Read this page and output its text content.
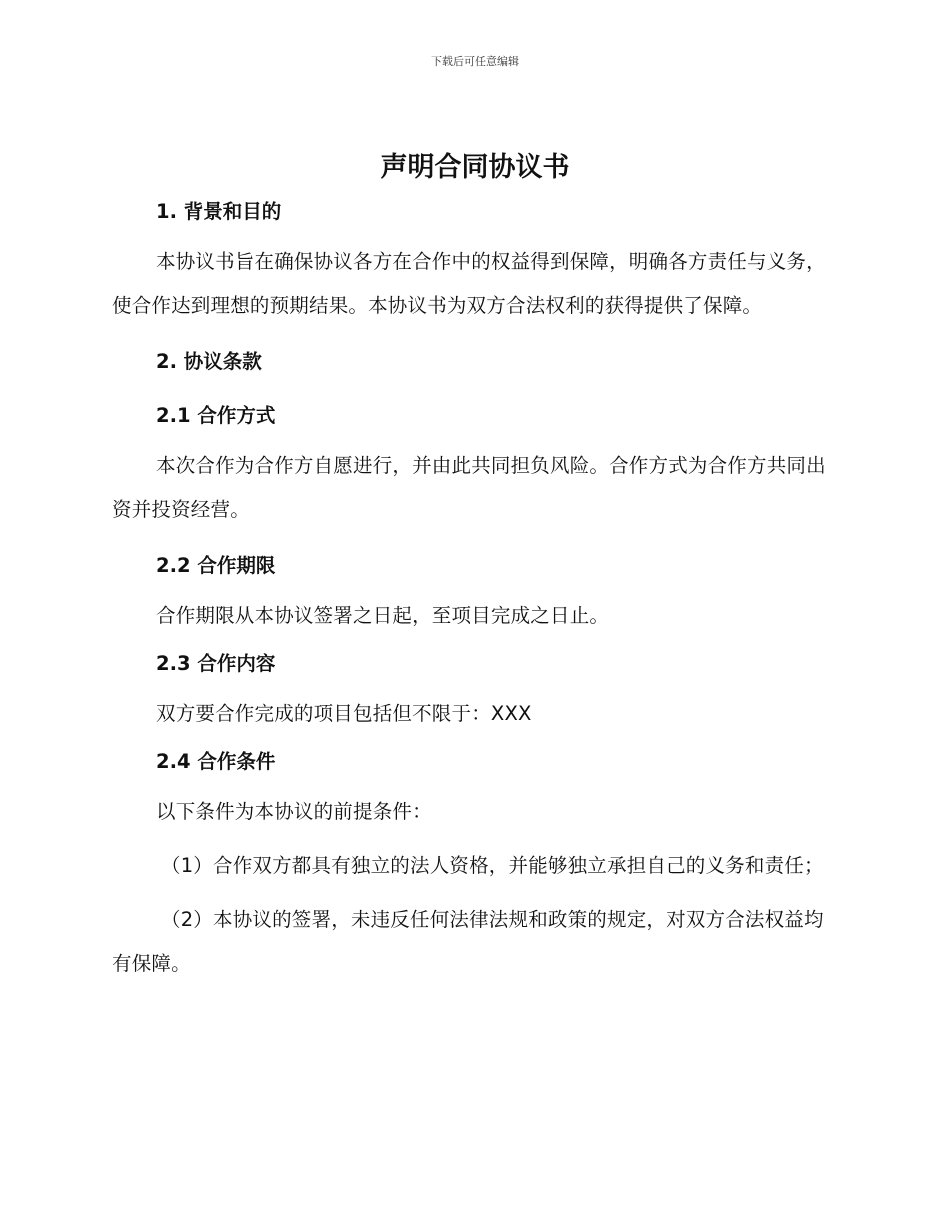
下载后可任意编辑
声明合同协议书
1. 背景和目的

本协议书旨在确保协议各方在合作中的权益得到保障，明确各方责任与义务，使合作达到理想的预期结果。本协议书为双方合法权利的获得提供了保障。

2. 协议条款
2.1 合作方式

本次合作为合作方自愿进行，并由此共同担负风险。合作方式为合作方共同出资并投资经营。

2.2 合作期限

合作期限从本协议签署之日起，至项目完成之日止。

2.3 合作内容

双方要合作完成的项目包括但不限于：XXX

2.4 合作条件

以下条件为本协议的前提条件：

（1）合作双方都具有独立的法人资格，并能够独立承担自己的义务和责任；

（2）本协议的签署，未违反任何法律法规和政策的规定，对双方合法权益均有保障。
